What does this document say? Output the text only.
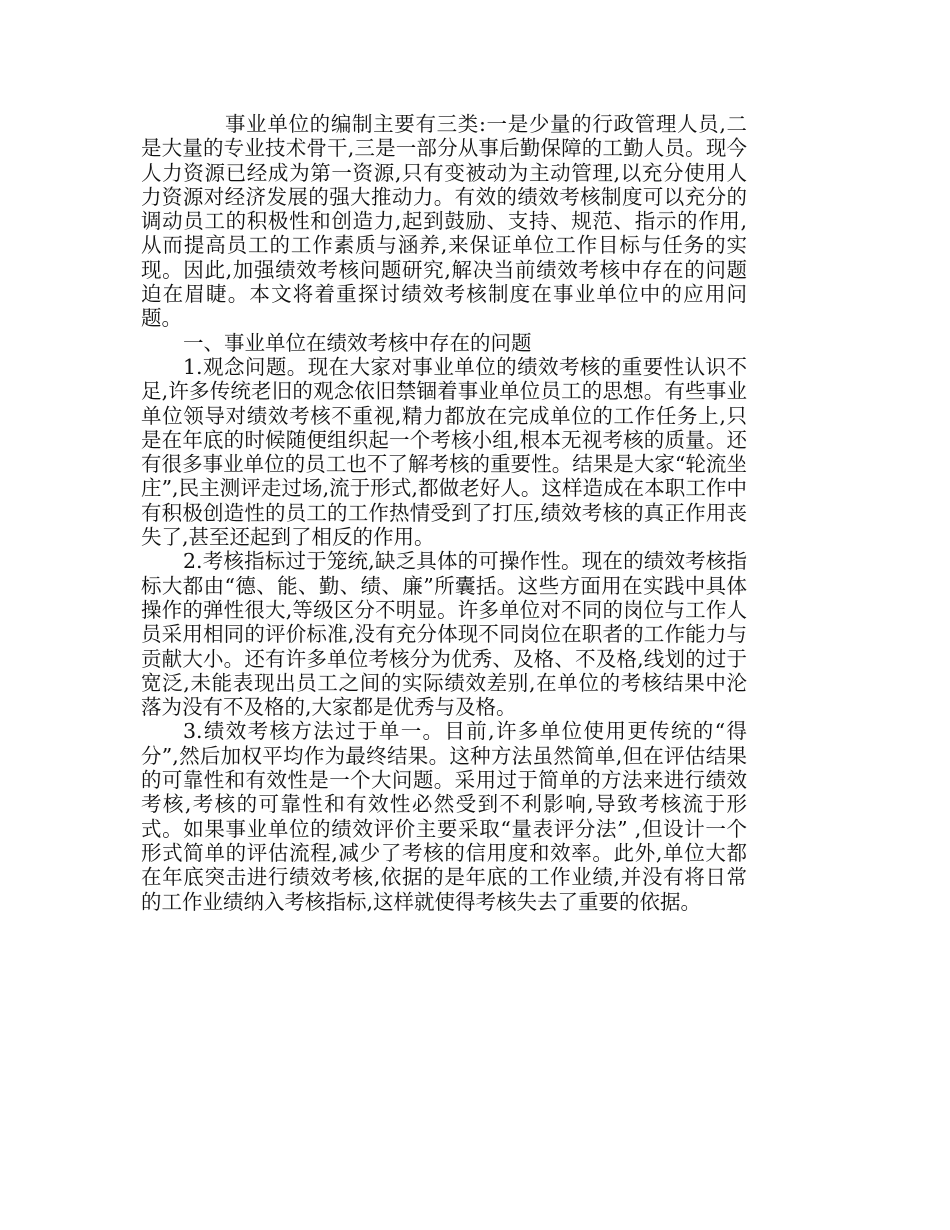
事业单位的编制主要有三类:一是少量的行政管理人员,二是大量的专业技术骨干,三是一部分从事后勤保障的工勤人员。现今人力资源已经成为第一资源,只有变被动为主动管理,以充分使用人力资源对经济发展的强大推动力。有效的绩效考核制度可以充分的调动员工的积极性和创造力,起到鼓励、支持、规范、指示的作用,从而提高员工的工作素质与涵养,来保证单位工作目标与任务的实现。因此,加强绩效考核问题研究,解决当前绩效考核中存在的问题迫在眉睫。本文将着重探讨绩效考核制度在事业单位中的应用问题。

一、事业单位在绩效考核中存在的问题

1.观念问题。现在大家对事业单位的绩效考核的重要性认识不足,许多传统老旧的观念依旧禁锢着事业单位员工的思想。有些事业单位领导对绩效考核不重视,精力都放在完成单位的工作任务上,只是在年底的时候随便组织起一个考核小组,根本无视考核的质量。还有很多事业单位的员工也不了解考核的重要性。结果是大家“轮流坐庄”,民主测评走过场,流于形式,都做老好人。这样造成在本职工作中有积极创造性的员工的工作热情受到了打压,绩效考核的真正作用丧失了,甚至还起到了相反的作用。

2.考核指标过于笼统,缺乏具体的可操作性。现在的绩效考核指标大都由“德、能、勤、绩、廉”所囊括。这些方面用在实践中具体操作的弹性很大,等级区分不明显。许多单位对不同的岗位与工作人员采用相同的评价标准,没有充分体现不同岗位在职者的工作能力与贡献大小。还有许多单位考核分为优秀、及格、不及格,线划的过于宽泛,未能表现出员工之间的实际绩效差别,在单位的考核结果中沦落为没有不及格的,大家都是优秀与及格。

3.绩效考核方法过于单一。目前,许多单位使用更传统的“得分”,然后加权平均作为最终结果。这种方法虽然简单,但在评估结果的可靠性和有效性是一个大问题。采用过于简单的方法来进行绩效考核,考核的可靠性和有效性必然受到不利影响,导致考核流于形式。如果事业单位的绩效评价主要采取“量表评分法” ,但设计一个形式简单的评估流程,减少了考核的信用度和效率。此外,单位大都在年底突击进行绩效考核,依据的是年底的工作业绩,并没有将日常的工作业绩纳入考核指标,这样就使得考核失去了重要的依据。
